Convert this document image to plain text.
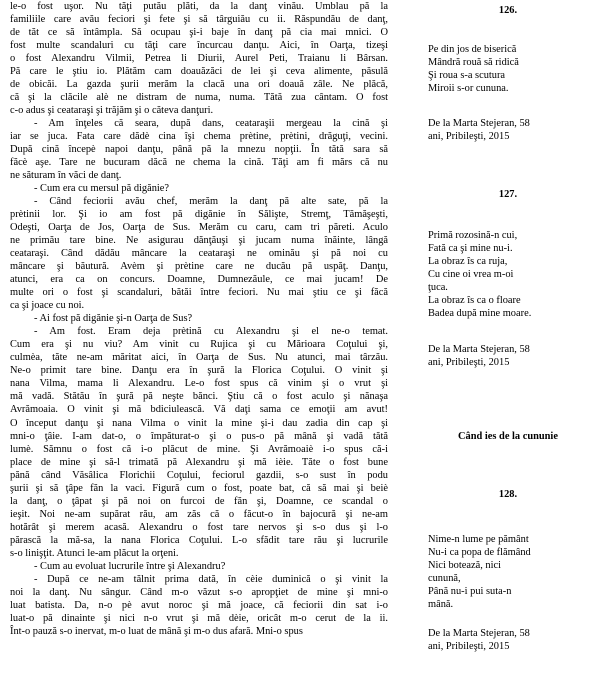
le-o fost uşor. Nu tăţi putău plăti, da la danţ vinău. Umblau pă la
familiile care avău feciori şi fete şi să târguiău cu ii. Răspundău de danţ,
de tăt ce să întâmpla. Să ocupau şi-i baje în danţ pă cia mai mnici. O
fost multe scandaluri cu tăţi care încurcau danţu. Aici, în Oarţa, tizeşi
o fost Alexandru Vilmii, Petrea li Diurii, Aurel Peti, Traianu li Bârsan.
Pă care le ştiu io. Plătăm cam doauăzăci de lei şi ceva alimente, păsulă
de obicăi. La gazda şurii merăm la clacă una ori doauă zâle. Ne plăcă,
că şi la clăcile alè ne distram de numa, numa. Tătă zua cântam. O fost
c-o adus şi ceataraşi şi trăjăm şi o căteva danţuri.

- Am înţeles că seara, după dans, ceataraşii mergeau la cină şi
iar se juca. Fata care dădè cina îşi chema prètine, prètini, drăguţi, vecini.
După cină începè napoi danţu, până pă la mnezu nopţii. În tătă sara să
făcè aşe. Tare ne bucuram dăcă ne chema la cină. Tăţi am fi mărs că nu
ne săturam în văci de danţ.

- Cum era cu mersul pă digănie?

- Când feciorii avău chef, merăm la danţ pă alte sate, pă la
prètinii lor. Şi io am fost pă digănie în Sălişte, Stremţ, Tămăşeşti,
Odeşti, Oarţa de Jos, Oarţa de Sus. Merăm cu caru, cam tri păreti. Aculo
ne primău tare bine. Ne asigurau dănţăuşi şi jucam numa înăinte, lângă
ceataraşi. Când dădău mâncare la ceataraşi ne ominău şi pă noi cu
mâncare şi băutură. Avèm şi prètine care ne ducău pă uspăţ. Danţu,
atunci, era ca on concurs. Doamne, Dumnezăule, ce mai jucam! De
multe ori o fost şi scandaluri, bătăi între feciori. Nu mai ştiu ce şi făcă
ca şi joace cu noi.

- Ai fost pă digănie şi-n Oarţa de Sus?

- Am fost. Eram deja prètină cu Alexandru şi el ne-o temat.
Cum era şi nu viu? Am vinit cu Rujica şi cu Mărioara Coţului şi,
culmèa, tăte ne-am măritat aici, în Oarţa de Sus. Nu atunci, mai târzău.
Ne-o primit tare bine. Danţu era în şură la Florica Coţului. O vinit şi
nana Vilma, mama li Alexandru. Le-o fost spus că vinim şi o vrut şi
mă vadă. Stătău în şură pă neşte bănci. Ştiu că o fost aculo şi nănaşa
Avrămoaia. O vinit şi mă bdiciulească. Vă daţi sama ce emoţii am avut!
O început danţu şi nana Vilma o vinit la mine şi-i dau zadia din cap şi
mni-o ţâie. I-am dat-o, o împăturat-o şi o pus-o pă mână şi vadă tătă
lumè. Sămnu o fost că i-o plăcut de mine. Şi Avrămoaiè i-o spus că-i
place de mine şi să-l trimată pă Alexandru şi mă ièie. Tăte o fost bune
pănă când Văsâlica Florichii Coţului, feciorul gazdii, s-o sust în podu
şurii şi să ţâpe făn la vaci. Figură cum o fost, poate bat, că să mai şi beiè
la danţ, o ţâpat şi pă noi on furcoi de făn şi, Doamne, ce scandal o
ieşit. Noi ne-am supărat rău, am zăs că o făcut-o în bajocură şi ne-am
hotărât şi merem acasă. Alexandru o fost tare nervos şi s-o dus şi l-o
părască la mă-sa, la nana Florica Coţului. L-o sfădit tare rău şi lucrurile
s-o linişţit. Atunci le-am plăcut la orţeni.

- Cum au evoluat lucrurile între şi Alexandru?

- După ce ne-am tălnit prima dată, în cèie duminică o şi vinit la
noi la danţ. Nu sângur. Când m-o văzut s-o apropţiet de mine şi mni-o
luat batista. Da, n-o pè avut noroc şi mă joace, că feciorii din sat i-o
luat-o pă dinainte şi nici n-o vrut şi mă dèie, oricât m-o cerut de la ii.
Înt-o pauză s-o inervat, m-o luat de mână şi m-o dus afară. Mni-o spus

126.
Pe din jos de biserică
Mândră rouă să ridică
Şi roua s-a scutura
Miroii s-or cununa.
De la Marta Stejeran, 58
ani, Pribileşti, 2015
127.
Primă rozosină-n cui,
Fată ca şi mine nu-i.
La obraz îs ca ruja,
Cu cine oi vrea m-oi
ţuca.
La obraz îs ca o floare
Badea după mine moare.
De la Marta Stejeran, 58
ani, Pribileşti, 2015
Când ies de la cununie
128.
Nime-n lume pe pământ
Nu-i ca popa de flămând
Nici botează, nici
cunună,
Până nu-i pui suta-n
mână.
De la Marta Stejeran, 58
ani, Pribileşti, 2015
